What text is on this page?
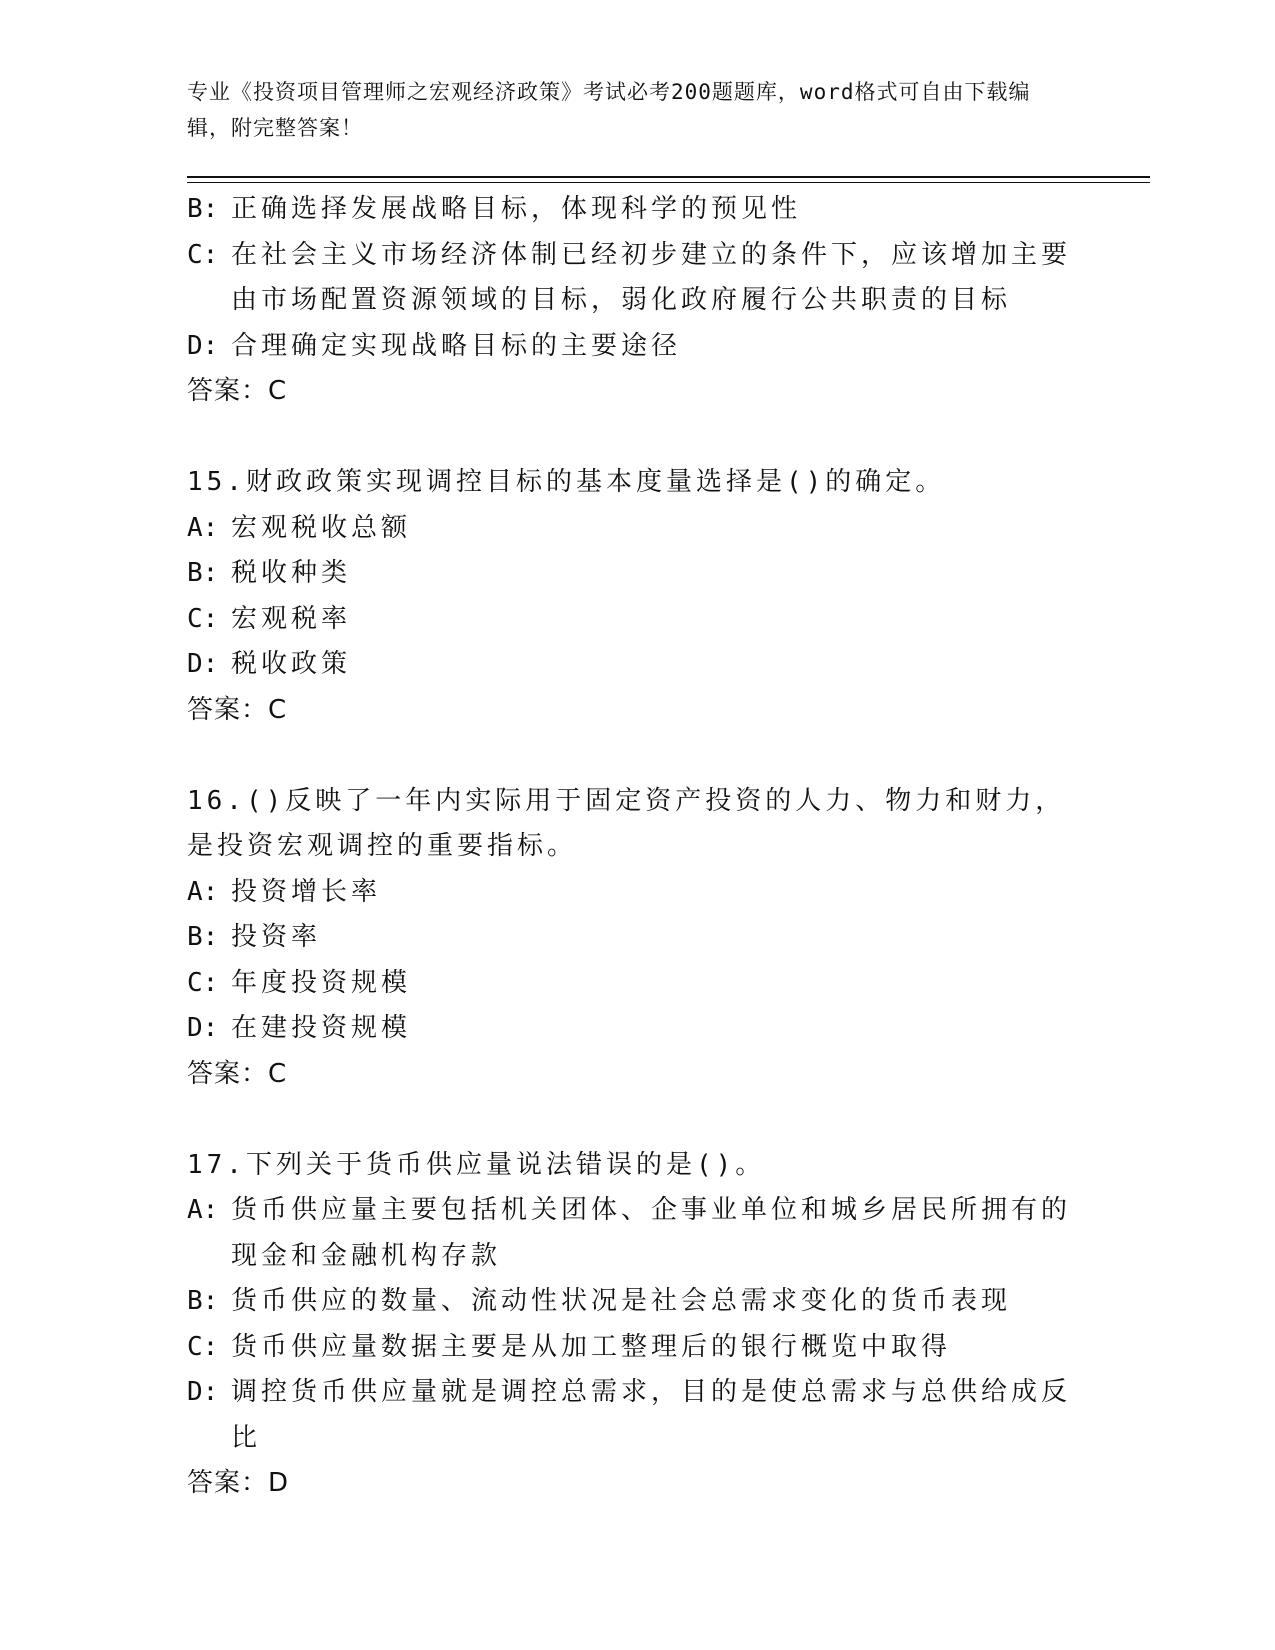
专业《投资项目管理师之宏观经济政策》考试必考200题题库，word格式可自由下载编辑，附完整答案！
B: 正确选择发展战略目标，体现科学的预见性
C: 在社会主义市场经济体制已经初步建立的条件下，应该增加主要由市场配置资源领域的目标，弱化政府履行公共职责的目标
D: 合理确定实现战略目标的主要途径
答案：C
15.财政政策实现调控目标的基本度量选择是()的确定。
A: 宏观税收总额
B: 税收种类
C: 宏观税率
D: 税收政策
答案：C
16.()反映了一年内实际用于固定资产投资的人力、物力和财力，是投资宏观调控的重要指标。
A: 投资增长率
B: 投资率
C: 年度投资规模
D: 在建投资规模
答案：C
17.下列关于货币供应量说法错误的是()。
A: 货币供应量主要包括机关团体、企事业单位和城乡居民所拥有的现金和金融机构存款
B: 货币供应的数量、流动性状况是社会总需求变化的货币表现
C: 货币供应量数据主要是从加工整理后的银行概览中取得
D: 调控货币供应量就是调控总需求，目的是使总需求与总供给成反比
答案：D
